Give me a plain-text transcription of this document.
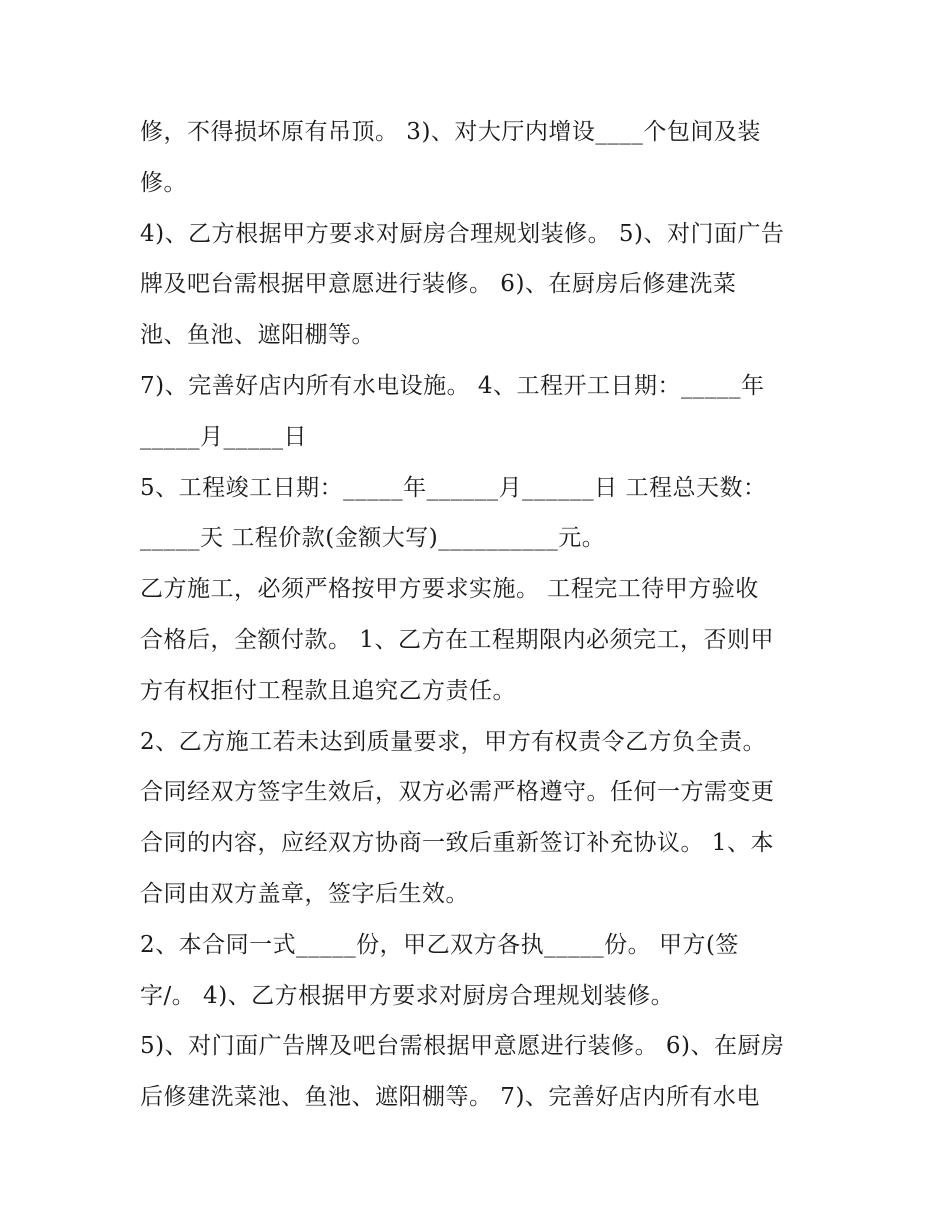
修，不得损坏原有吊顶。 3)、对大厅内增设____个包间及装
修。
4)、乙方根据甲方要求对厨房合理规划装修。 5)、对门面广告
牌及吧台需根据甲意愿进行装修。 6)、在厨房后修建洗菜
池、鱼池、遮阳棚等。
7)、完善好店内所有水电设施。 4、工程开工日期：_____年
_____月_____日
5、工程竣工日期：_____年______月______日 工程总天数：
_____天 工程价款(金额大写)__________元。
乙方施工，必须严格按甲方要求实施。 工程完工待甲方验收
合格后，全额付款。 1、乙方在工程期限内必须完工，否则甲
方有权拒付工程款且追究乙方责任。
2、乙方施工若未达到质量要求，甲方有权责令乙方负全责。
合同经双方签字生效后，双方必需严格遵守。任何一方需变更
合同的内容，应经双方协商一致后重新签订补充协议。 1、本
合同由双方盖章，签字后生效。
2、本合同一式_____份，甲乙双方各执_____份。 甲方(签
字/。 4)、乙方根据甲方要求对厨房合理规划装修。
5)、对门面广告牌及吧台需根据甲意愿进行装修。 6)、在厨房
后修建洗菜池、鱼池、遮阳棚等。 7)、完善好店内所有水电
